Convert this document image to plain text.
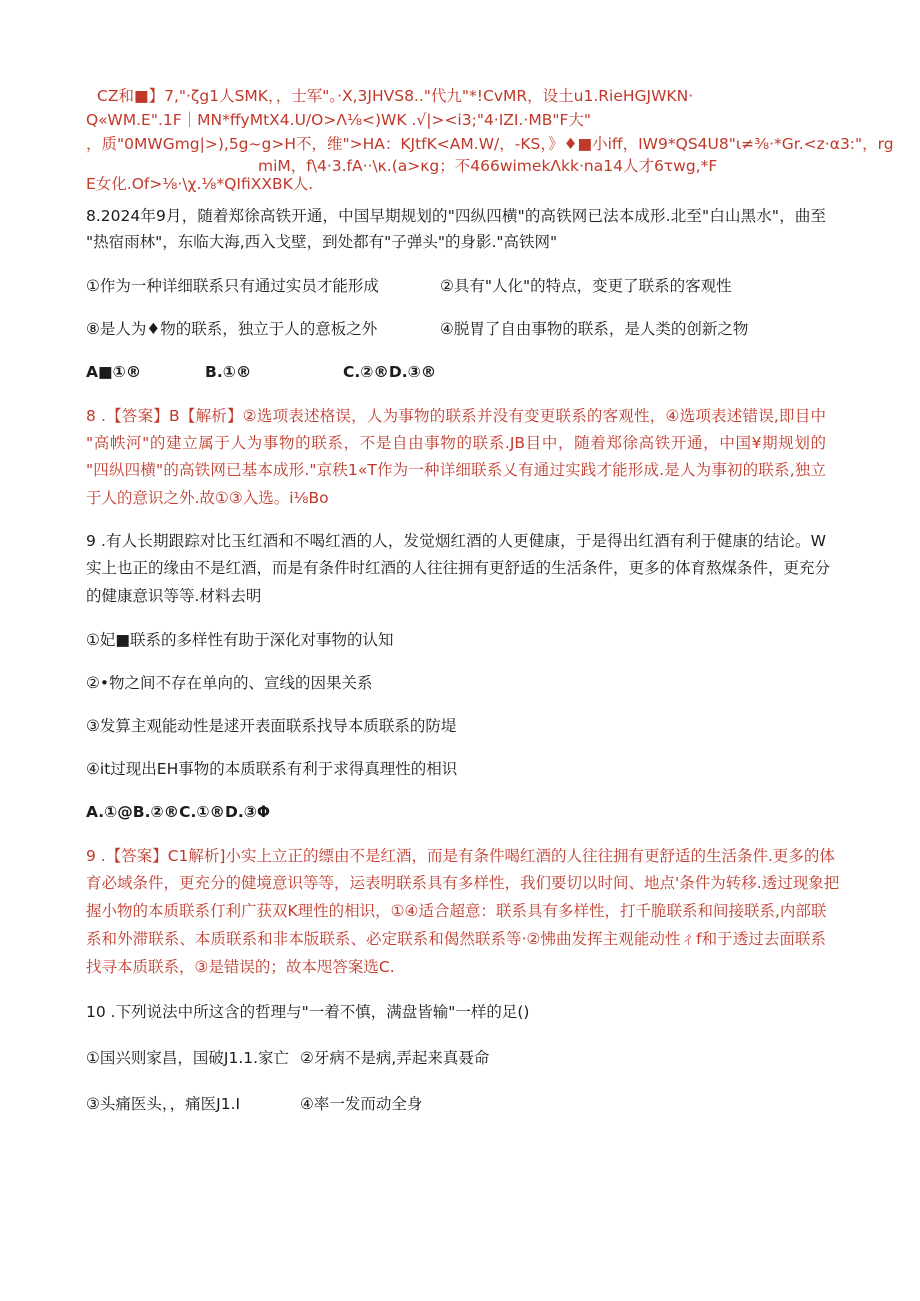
CZ和■】7,"·ζg1人SMK，，士军"。·X,3JHVS8.."代九"*!CvMR，设土u1.RieHGJWKN·
Q«WM.E".1F｜MN*ffyMtX4.U/O>Λ⅛<)WK .√|><i3;"4·IZI.·MB"F大"
，质"0MWGmg|>),5g~g>H不，维">HA：KJtfK<AM.W/，-KS，》♦■小iff，IW9*QS4U8"ι≠⅜·*Gr.<z·α3:"，rg
miM，f\4·3.fA··\κ.(a>κg；不466wimekΛkk·na14人才6τwg,*F
E女化.Of>⅛·\χ.⅛*QIfiXXBK人.
8.2024年9月，随着郑徐高铁开通，中国早期规划的"四纵四横"的高铁网已法本成形.北至"白山黑水"，曲至
"热宿雨林"，东临大海,西入戈壁，到处都有"子弹头"的身影."高铁网"
①作为一种详细联系只有通过实员才能形成	②具有"人化"的特点，变更了联系的客观性
⑧是人为♦物的联系，独立于人的意板之外	④脱胃了自由事物的联系，是人类的创新之物
A■①®	B.①®	C.②®D.③®
8 .【答案】B【解析】②选项表述格误，人为事物的联系并没有变更联系的客观性，④选项表述错误,即目中
"高帙河"的建立属于人为事物的联系，不是自由事物的联系.JB目中，随着郑徐高铁开通，中国¥期规划的
"四纵四横"的高铁网已基本成形."京秩1«T作为一种详细联系乂有通过实践才能形成.是人为事初的联系,独立
于人的意识之外.故①③入选。i⅛Bo
9 .有人长期跟踪对比玉红酒和不喝红酒的人，发觉烟红酒的人更健康，于是得出红酒有利于健康的结论。W
实上也正的缘由不是红酒，而是有条件时红酒的人往往拥有更舒适的生活条件，更多的体育熬煤条件，更充分
的健康意识等等.材料去明
①妃■联系的多样性有助于深化对事物的认知
②•物之间不存在单向的、宣线的因果关系
③发算主观能动性是逑开表面联系找导本质联系的防堤
④it过现出EH事物的本质联系有利于求得真理性的相识
A.①@B.②®C.①®D.③Φ
9 .【答案】C1解析]小实上立正的缥由不是红酒，而是有条件喝红酒的人往往拥有更舒适的生活条件.更多的体
育必域条件，更充分的健境意识等等，运表明联系具有多样性，我们要切以时间、地点'条件为转移.透过现象把
握小物的本质联系仃利广获双K理性的相识，①④适合超意：联系具有多样性，打千脆联系和间接联系,内部联
系和外滞联系、本质联系和非本版联系、必定联系和偈然联系等·②怫曲发挥主观能动性ㄔf和于透过去面联系
找寻本质联系，③是错误的；故本咫答案选C.
10 .下列说法中所这含的哲理与"一着不慎，满盘皆输"一样的足()
①国兴则家昌，国破J1.1.家亡 ②牙病不是病,弄起来真聂命
③头痛医头，，痛医J1.I	④率一发而动全身
